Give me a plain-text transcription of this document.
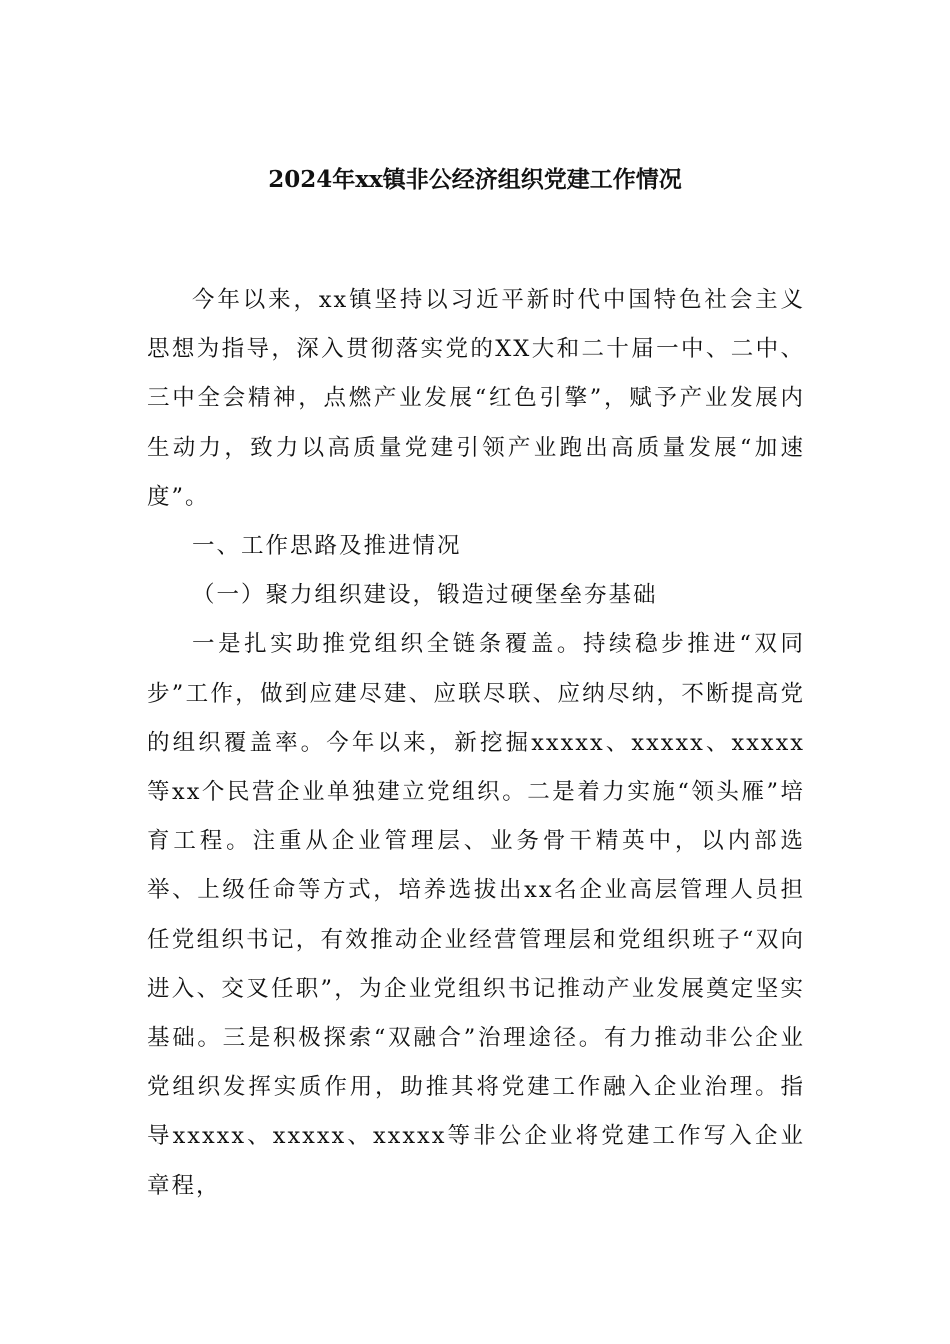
2024年xx镇非公经济组织党建工作情况

今年以来，xx镇坚持以习近平新时代中国特色社会主义思想为指导，深入贯彻落实党的XX大和二十届一中、二中、三中全会精神，点燃产业发展“红色引擎”，赋予产业发展内生动力，致力以高质量党建引领产业跑出高质量发展“加速度”。

一、工作思路及推进情况

（一）聚力组织建设，锻造过硬堡垒夯基础

一是扎实助推党组织全链条覆盖。持续稳步推进“双同步”工作，做到应建尽建、应联尽联、应纳尽纳，不断提高党的组织覆盖率。今年以来，新挖掘xxxxx、xxxxx、xxxxx等xx个民营企业单独建立党组织。二是着力实施“领头雁”培育工程。注重从企业管理层、业务骨干精英中，以内部选举、上级任命等方式，培养选拔出xx名企业高层管理人员担任党组织书记，有效推动企业经营管理层和党组织班子“双向进入、交叉任职”，为企业党组织书记推动产业发展奠定坚实基础。三是积极探索“双融合”治理途径。有力推动非公企业党组织发挥实质作用，助推其将党建工作融入企业治理。指导xxxxx、xxxxx、xxxxx等非公企业将党建工作写入企业章程，
